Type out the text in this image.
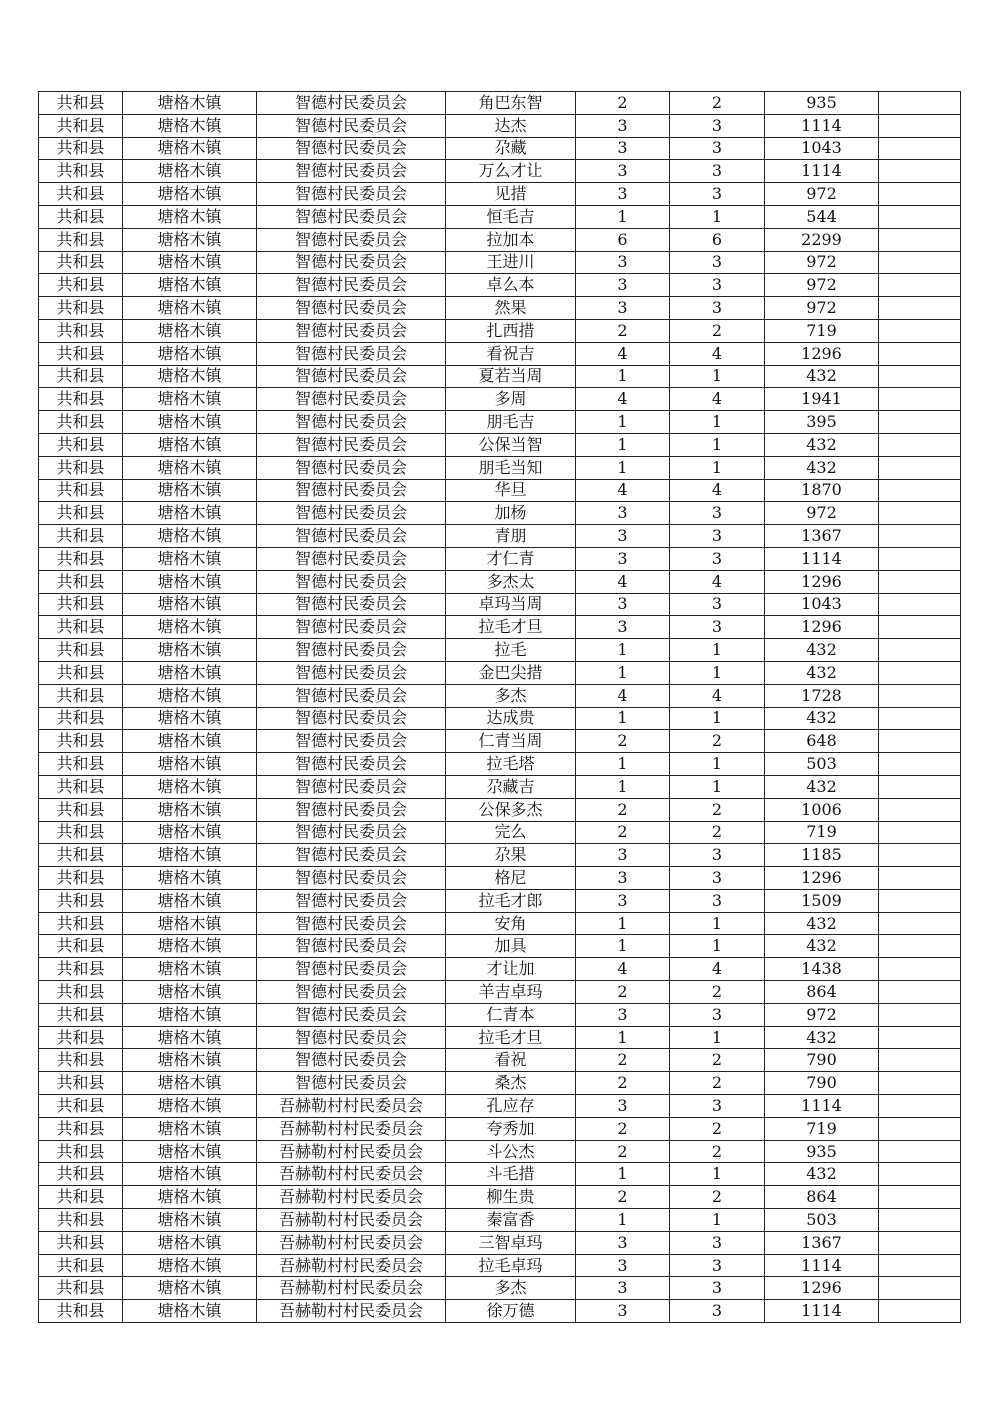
共和县	塘格木镇	智德村民委员会	角巴东智	2	2	935	
共和县	塘格木镇	智德村民委员会	达杰	3	3	1114	
共和县	塘格木镇	智德村民委员会	尕藏	3	3	1043	
共和县	塘格木镇	智德村民委员会	万么才让	3	3	1114	
共和县	塘格木镇	智德村民委员会	见措	3	3	972	
共和县	塘格木镇	智德村民委员会	恒毛吉	1	1	544	
共和县	塘格木镇	智德村民委员会	拉加本	6	6	2299	
共和县	塘格木镇	智德村民委员会	王进川	3	3	972	
共和县	塘格木镇	智德村民委员会	卓么本	3	3	972	
共和县	塘格木镇	智德村民委员会	然果	3	3	972	
共和县	塘格木镇	智德村民委员会	扎西措	2	2	719	
共和县	塘格木镇	智德村民委员会	看祝吉	4	4	1296	
共和县	塘格木镇	智德村民委员会	夏若当周	1	1	432	
共和县	塘格木镇	智德村民委员会	多周	4	4	1941	
共和县	塘格木镇	智德村民委员会	朋毛吉	1	1	395	
共和县	塘格木镇	智德村民委员会	公保当智	1	1	432	
共和县	塘格木镇	智德村民委员会	朋毛当知	1	1	432	
共和县	塘格木镇	智德村民委员会	华旦	4	4	1870	
共和县	塘格木镇	智德村民委员会	加杨	3	3	972	
共和县	塘格木镇	智德村民委员会	青朋	3	3	1367	
共和县	塘格木镇	智德村民委员会	才仁青	3	3	1114	
共和县	塘格木镇	智德村民委员会	多杰太	4	4	1296	
共和县	塘格木镇	智德村民委员会	卓玛当周	3	3	1043	
共和县	塘格木镇	智德村民委员会	拉毛才旦	3	3	1296	
共和县	塘格木镇	智德村民委员会	拉毛	1	1	432	
共和县	塘格木镇	智德村民委员会	金巴尖措	1	1	432	
共和县	塘格木镇	智德村民委员会	多杰	4	4	1728	
共和县	塘格木镇	智德村民委员会	达成贵	1	1	432	
共和县	塘格木镇	智德村民委员会	仁青当周	2	2	648	
共和县	塘格木镇	智德村民委员会	拉毛塔	1	1	503	
共和县	塘格木镇	智德村民委员会	尕藏吉	1	1	432	
共和县	塘格木镇	智德村民委员会	公保多杰	2	2	1006	
共和县	塘格木镇	智德村民委员会	完么	2	2	719	
共和县	塘格木镇	智德村民委员会	尕果	3	3	1185	
共和县	塘格木镇	智德村民委员会	格尼	3	3	1296	
共和县	塘格木镇	智德村民委员会	拉毛才郎	3	3	1509	
共和县	塘格木镇	智德村民委员会	安角	1	1	432	
共和县	塘格木镇	智德村民委员会	加具	1	1	432	
共和县	塘格木镇	智德村民委员会	才让加	4	4	1438	
共和县	塘格木镇	智德村民委员会	羊吉卓玛	2	2	864	
共和县	塘格木镇	智德村民委员会	仁青本	3	3	972	
共和县	塘格木镇	智德村民委员会	拉毛才旦	1	1	432	
共和县	塘格木镇	智德村民委员会	看祝	2	2	790	
共和县	塘格木镇	智德村民委员会	桑杰	2	2	790	
共和县	塘格木镇	吾赫勒村村民委员会	孔应存	3	3	1114	
共和县	塘格木镇	吾赫勒村村民委员会	夸秀加	2	2	719	
共和县	塘格木镇	吾赫勒村村民委员会	斗公杰	2	2	935	
共和县	塘格木镇	吾赫勒村村民委员会	斗毛措	1	1	432	
共和县	塘格木镇	吾赫勒村村民委员会	柳生贵	2	2	864	
共和县	塘格木镇	吾赫勒村村民委员会	秦富香	1	1	503	
共和县	塘格木镇	吾赫勒村村民委员会	三智卓玛	3	3	1367	
共和县	塘格木镇	吾赫勒村村民委员会	拉毛卓玛	3	3	1114	
共和县	塘格木镇	吾赫勒村村民委员会	多杰	3	3	1296	
共和县	塘格木镇	吾赫勒村村民委员会	徐万德	3	3	1114	
